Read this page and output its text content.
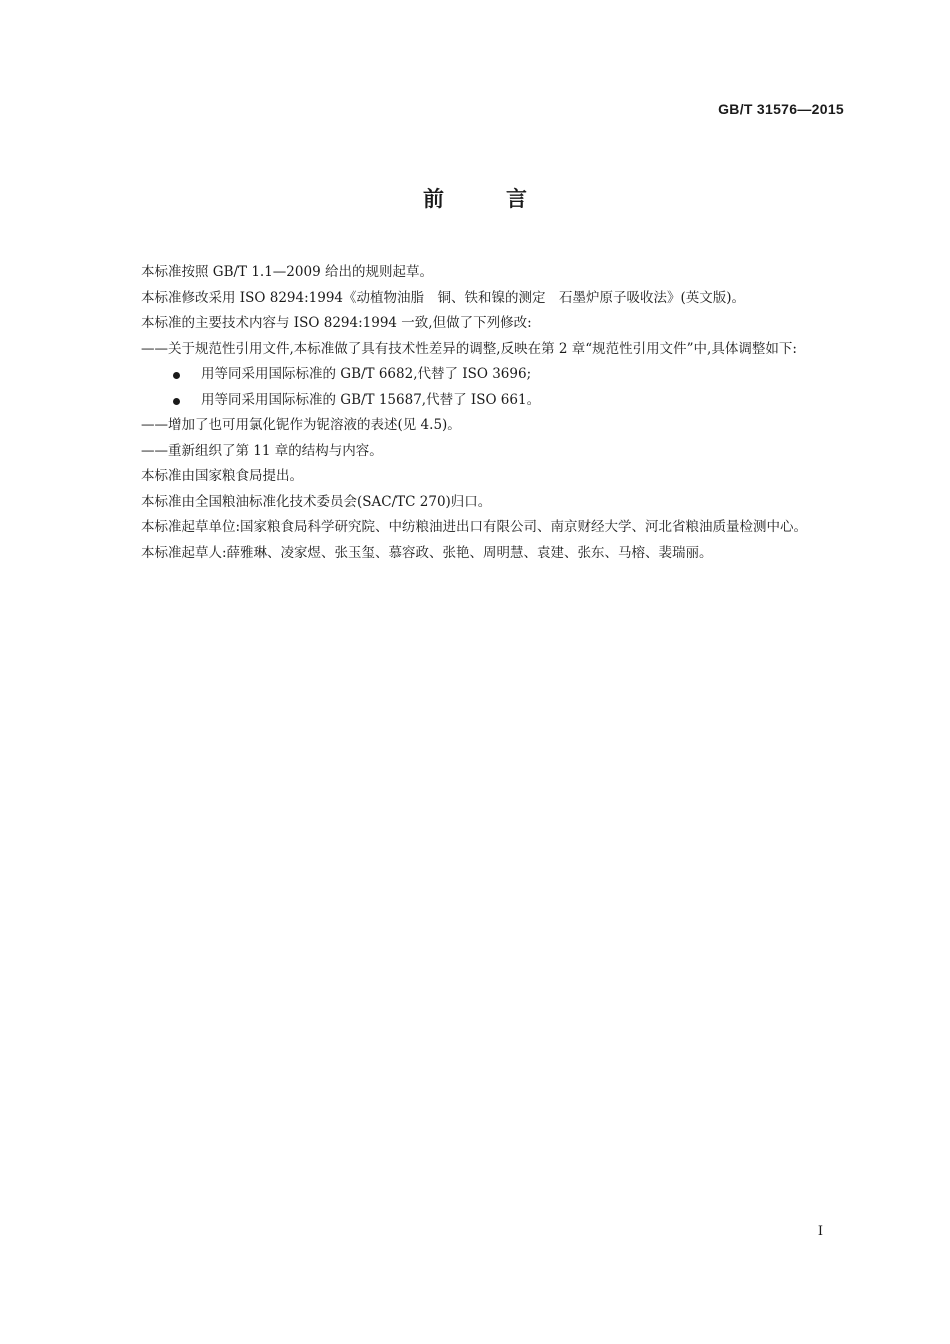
GB/T 31576—2015
前言

本标准按照 GB/T 1.1—2009 给出的规则起草。

本标准修改采用 ISO 8294:1994《动植物油脂　铜、铁和镍的测定　石墨炉原子吸收法》(英文版)。

本标准的主要技术内容与 ISO 8294:1994 一致,但做了下列修改:

——关于规范性引用文件,本标准做了具有技术性差异的调整,反映在第 2 章“规范性引用文件”中,具体调整如下:

用等同采用国际标准的 GB/T 6682,代替了 ISO 3696;

用等同采用国际标准的 GB/T 15687,代替了 ISO 661。

——增加了也可用氯化铌作为铌溶液的表述(见 4.5)。

——重新组织了第 11 章的结构与内容。

本标准由国家粮食局提出。

本标准由全国粮油标准化技术委员会(SAC/TC 270)归口。

本标准起草单位:国家粮食局科学研究院、中纺粮油进出口有限公司、南京财经大学、河北省粮油质量检测中心。

本标准起草人:薛雅琳、凌家煜、张玉玺、慕容政、张艳、周明慧、袁建、张东、马榕、裴瑞丽。

I
